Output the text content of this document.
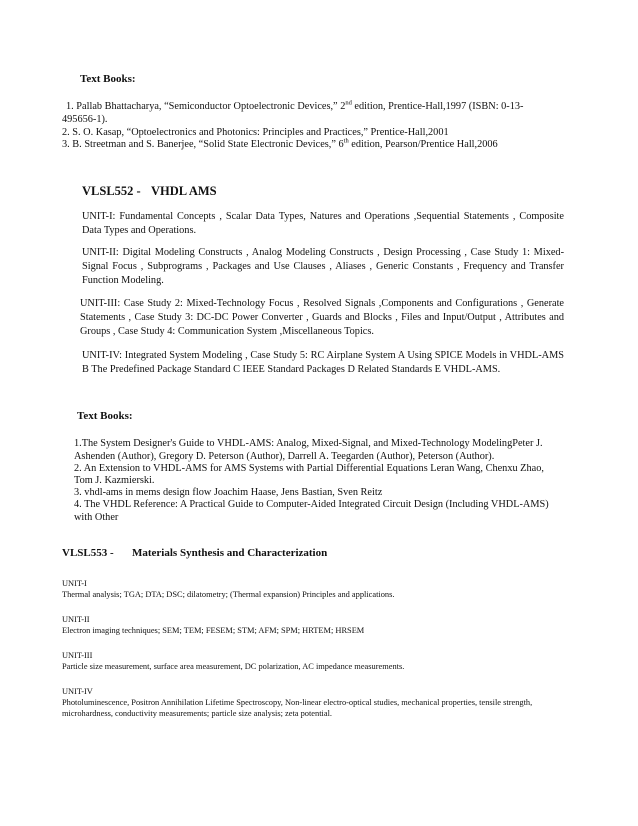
Text Books:
1. Pallab Bhattacharya, “Semiconductor Optoelectronic Devices,” 2nd edition, Prentice-Hall,1997 (ISBN: 0-13-
495656-1).
2. S. O. Kasap, “Optoelectronics and Photonics: Principles and Practices,” Prentice-Hall,2001
3. B. Streetman and S. Banerjee, “Solid State Electronic Devices,” 6th edition, Pearson/Prentice Hall,2006
VLSL552 - VHDL AMS
UNIT-I: Fundamental Concepts , Scalar Data Types, Natures and Operations ,Sequential Statements , Composite Data Types and Operations.
UNIT-II: Digital Modeling Constructs , Analog Modeling Constructs , Design Processing , Case Study 1: Mixed-Signal Focus , Subprograms , Packages and Use Clauses , Aliases , Generic Constants , Frequency and Transfer Function Modeling.
UNIT-III: Case Study 2: Mixed-Technology Focus , Resolved Signals ,Components and Configurations , Generate Statements , Case Study 3: DC-DC Power Converter , Guards and Blocks , Files and Input/Output , Attributes and Groups , Case Study 4: Communication System ,Miscellaneous Topics.
UNIT-IV: Integrated System Modeling , Case Study 5: RC Airplane System A Using SPICE Models in VHDL-AMS B The Predefined Package Standard C IEEE Standard Packages D Related Standards E VHDL-AMS.
Text Books:
1.The System Designer's Guide to VHDL-AMS: Analog, Mixed-Signal, and Mixed-Technology ModelingPeter J.
Ashenden (Author), Gregory D. Peterson (Author), Darrell A. Teegarden (Author), Peterson (Author).
2. An Extension to VHDL-AMS for AMS Systems with Partial Differential Equations Leran Wang, Chenxu Zhao,
Tom J. Kazmierski.
3. vhdl-ams in mems design flow Joachim Haase, Jens Bastian, Sven Reitz
4. The VHDL Reference: A Practical Guide to Computer-Aided Integrated Circuit Design (Including VHDL-AMS)
with Other
VLSL553 - Materials Synthesis and Characterization
UNIT-I
Thermal analysis; TGA; DTA; DSC; dilatometry; (Thermal expansion) Principles and applications.
UNIT-II
Electron imaging techniques; SEM; TEM; FESEM; STM; AFM; SPM; HRTEM; HRSEM
UNIT-III
Particle size measurement, surface area measurement, DC polarization, AC impedance measurements.
UNIT-IV
Photoluminescence, Positron Annihilation Lifetime Spectroscopy, Non-linear electro-optical studies, mechanical properties, tensile strength, microhardness, conductivity measurements; particle size analysis; zeta potential.
